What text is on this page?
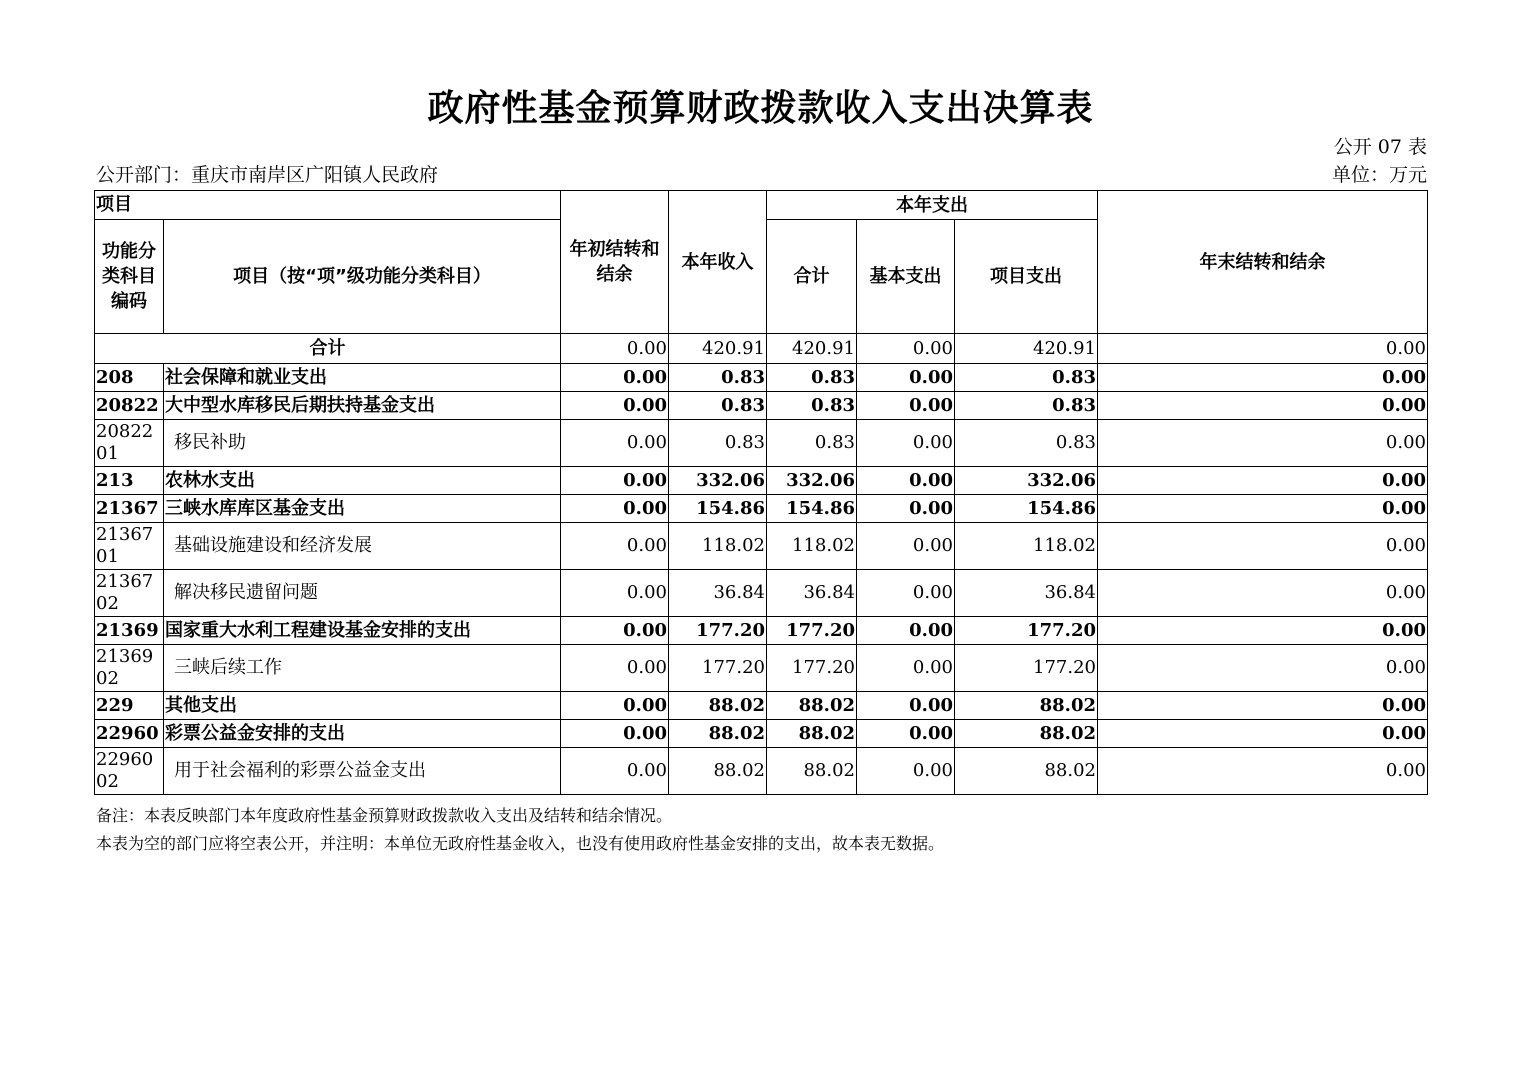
政府性基金预算财政拨款收入支出决算表
公开 07 表
公开部门：重庆市南岸区广阳镇人民政府	单位：万元
项目		年初结转和结余	本年收入	本年支出			年末结转和结余
功能分类科目编码	项目（按“项”级功能分类科目）			合计	基本支出	项目支出	
合计		0.00	420.91	420.91	0.00	420.91	0.00
208	社会保障和就业支出	0.00	0.83	0.83	0.00	0.83	0.00
20822	大中型水库移民后期扶持基金支出	0.00	0.83	0.83	0.00	0.83	0.00
2082201	移民补助	0.00	0.83	0.83	0.00	0.83	0.00
213	农林水支出	0.00	332.06	332.06	0.00	332.06	0.00
21367	三峡水库库区基金支出	0.00	154.86	154.86	0.00	154.86	0.00
2136701	基础设施建设和经济发展	0.00	118.02	118.02	0.00	118.02	0.00
2136702	解决移民遗留问题	0.00	36.84	36.84	0.00	36.84	0.00
21369	国家重大水利工程建设基金安排的支出	0.00	177.20	177.20	0.00	177.20	0.00
2136902	三峡后续工作	0.00	177.20	177.20	0.00	177.20	0.00
229	其他支出	0.00	88.02	88.02	0.00	88.02	0.00
22960	彩票公益金安排的支出	0.00	88.02	88.02	0.00	88.02	0.00
2296002	用于社会福利的彩票公益金支出	0.00	88.02	88.02	0.00	88.02	0.00
备注：本表反映部门本年度政府性基金预算财政拨款收入支出及结转和结余情况。
本表为空的部门应将空表公开，并注明：本单位无政府性基金收入，也没有使用政府性基金安排的支出，故本表无数据。
